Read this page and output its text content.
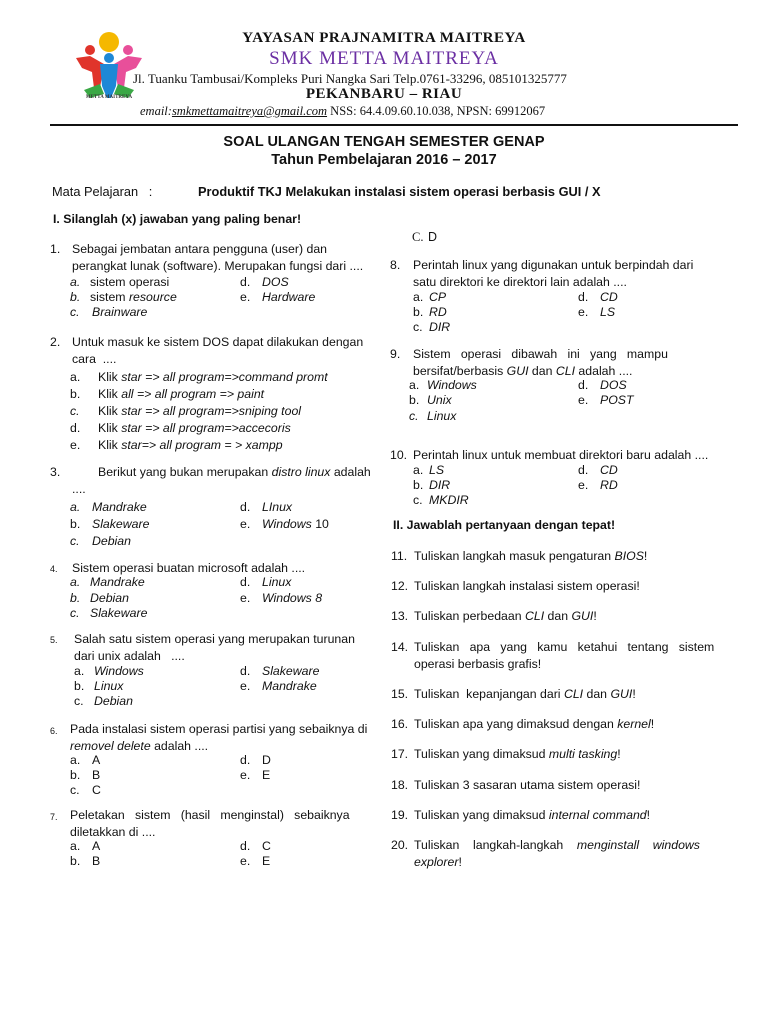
METTA MAITREYA
YAYASAN PRAJNAMITRA MAITREYA
SMK METTA MAITREYA
Jl. Tuanku Tambusai/Kompleks Puri Nangka Sari Telp.0761-33296, 085101325777
PEKANBARU – RIAU
email:smkmettamaitreya@gmail.com NSS: 64.4.09.60.10.038, NPSN: 69912067
SOAL ULANGAN TENGAH SEMESTER GENAP
Tahun Pembelajaran 2016 – 2017
Mata Pelajaran   :	Produktif TKJ Melakukan instalasi sistem operasi berbasis GUI / X
I. Silanglah (x) jawaban yang paling benar!
1. Sebagai jembatan antara pengguna (user) dan
perangkat lunak (software). Merupakan fungsi dari ....
a. sistem operasi
b. sistem resource
c. Brainware
d. DOS
e. Hardware
2. Untuk masuk ke sistem DOS dapat dilakukan dengan
cara  ....
a. Klik star => all program=>command promt
b. Klik all => all program => paint
c. Klik star => all program=>sniping tool
d. Klik star => all program=>accecoris
e. Klik star=> all program = > xampp
3.	Berikut yang bukan merupakan distro linux adalah
....
a. Mandrake
b. Slakeware
c. Debian
d. LInux
e. Windows 10
4. Sistem operasi buatan microsoft adalah ....
a. Mandrake
b. Debian
c. Slakeware
d. Linux
e. Windows 8
5. Salah satu sistem operasi yang merupakan turunan
dari unix adalah   ....
a. Windows
b. Linux
c. Debian
d. Slakeware
e. Mandrake
6. Pada instalasi sistem operasi partisi yang sebaiknya di
removel delete adalah ....
a. A
b. B
c. C
d. D
e. E
7. Peletakan   sistem   (hasil   menginstal)   sebaiknya
diletakkan di ....
a. A
b. B
d. C
e. E
C. D
8. Perintah linux yang digunakan untuk berpindah dari
satu direktori ke direktori lain adalah ....
a. CP
b. RD
c. DIR
d. CD
e. LS
9. Sistem   operasi   dibawah   ini   yang   mampu
bersifat/berbasis GUI dan CLI adalah ....
a. Windows
b. Unix
c. Linux
d. DOS
e. POST
10. Perintah linux untuk membuat direktori baru adalah ....
a. LS
b. DIR
c. MKDIR
d. CD
e. RD
II. Jawablah pertanyaan dengan tepat!
11. Tuliskan langkah masuk pengaturan BIOS!
12. Tuliskan langkah instalasi sistem operasi!
13. Tuliskan perbedaan CLI dan GUI!
14. Tuliskan   apa   yang   kamu   ketahui   tentang   sistem
operasi berbasis grafis!
15. Tuliskan  kepanjangan dari CLI dan GUI!
16. Tuliskan apa yang dimaksud dengan kernel!
17. Tuliskan yang dimaksud multi tasking!
18. Tuliskan 3 sasaran utama sistem operasi!
19. Tuliskan yang dimaksud internal command!
20. Tuliskan    langkah-langkah    menginstall    windows
explorer!
